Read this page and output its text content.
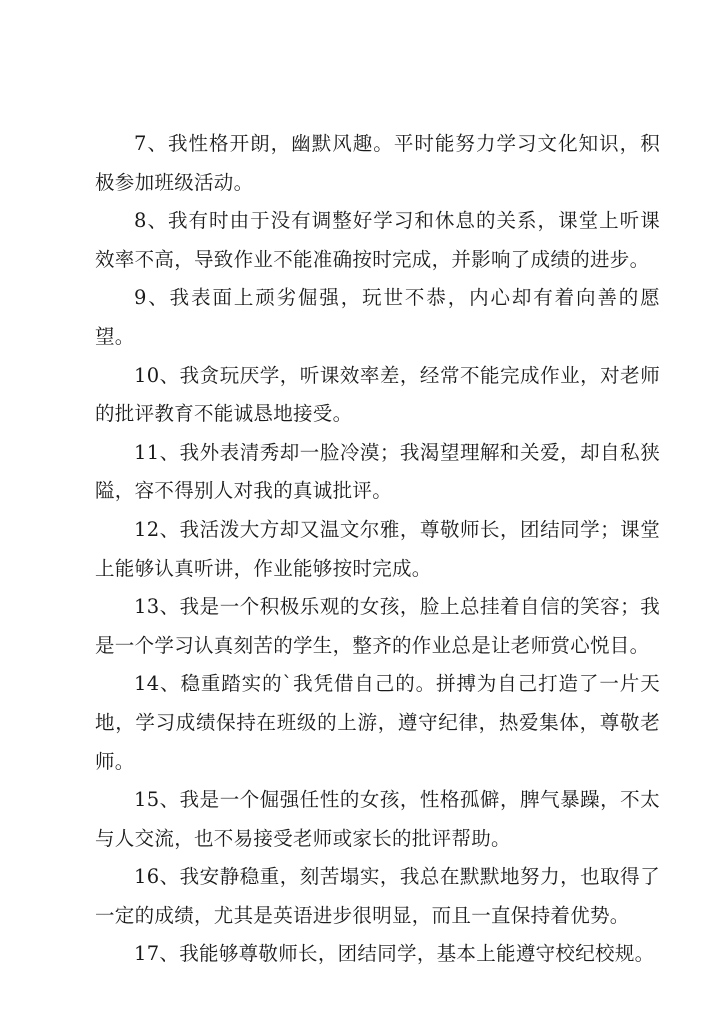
7、我性格开朗，幽默风趣。平时能努力学习文化知识，积极参加班级活动。

8、我有时由于没有调整好学习和休息的关系，课堂上听课效率不高，导致作业不能准确按时完成，并影响了成绩的进步。

9、我表面上顽劣倔强，玩世不恭，内心却有着向善的愿望。

10、我贪玩厌学，听课效率差，经常不能完成作业，对老师的批评教育不能诚恳地接受。

11、我外表清秀却一脸冷漠；我渴望理解和关爱，却自私狭隘，容不得别人对我的真诚批评。

12、我活泼大方却又温文尔雅，尊敬师长，团结同学；课堂上能够认真听讲，作业能够按时完成。

13、我是一个积极乐观的女孩，脸上总挂着自信的笑容；我是一个学习认真刻苦的学生，整齐的作业总是让老师赏心悦目。

14、稳重踏实的`我凭借自己的。拼搏为自己打造了一片天地，学习成绩保持在班级的上游，遵守纪律，热爱集体，尊敬老师。

15、我是一个倔强任性的女孩，性格孤僻，脾气暴躁，不太与人交流，也不易接受老师或家长的批评帮助。

16、我安静稳重，刻苦塌实，我总在默默地努力，也取得了一定的成绩，尤其是英语进步很明显，而且一直保持着优势。

17、我能够尊敬师长，团结同学，基本上能遵守校纪校规。
